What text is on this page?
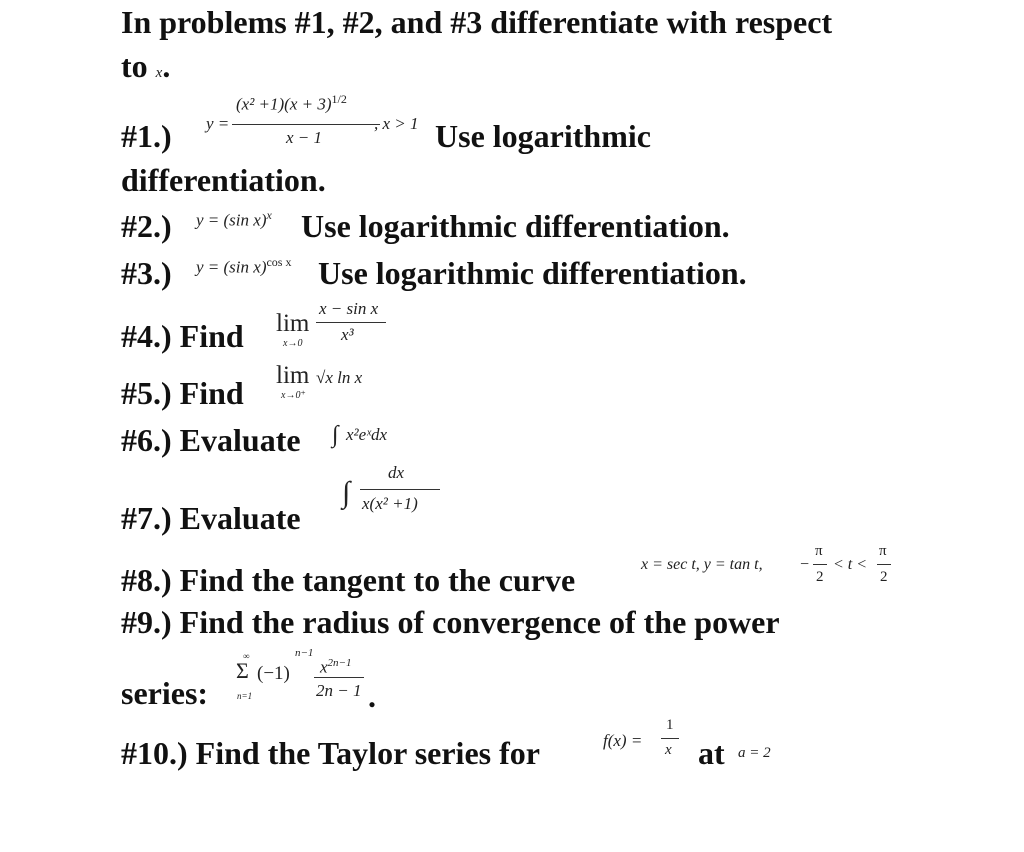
In problems #1, #2, and #3 differentiate with respect
to x.
#1.) y =
$(x^2 +1)(x + 3)^{1/2}$
x − 1
, x > 1 Use logarithmic
differentiation.
#2.) y = (sin x)$^x$ Use logarithmic differentiation.
#3.) y = (sin x)$^{cos x}$ Use logarithmic differentiation.
#4.) Find lim
x→0
x − sin x
x³
#5.) Find lim
x→0⁺
√x ln x
#6.) Evaluate ∫ x²eˣdx
#7.) Evaluate
∫
dx
x(x² +1)
#8.) Find the tangent to the curve	x = sec t, y = tan t, −
π
2
< t <
π
2
#9.) Find the radius of convergence of the power
series:
∞
Σ
n=1
(−1)
n−1
$x^{2n-1}$
2n − 1 .
#10.) Find the Taylor series for	f(x) =
1
x at a = 2
